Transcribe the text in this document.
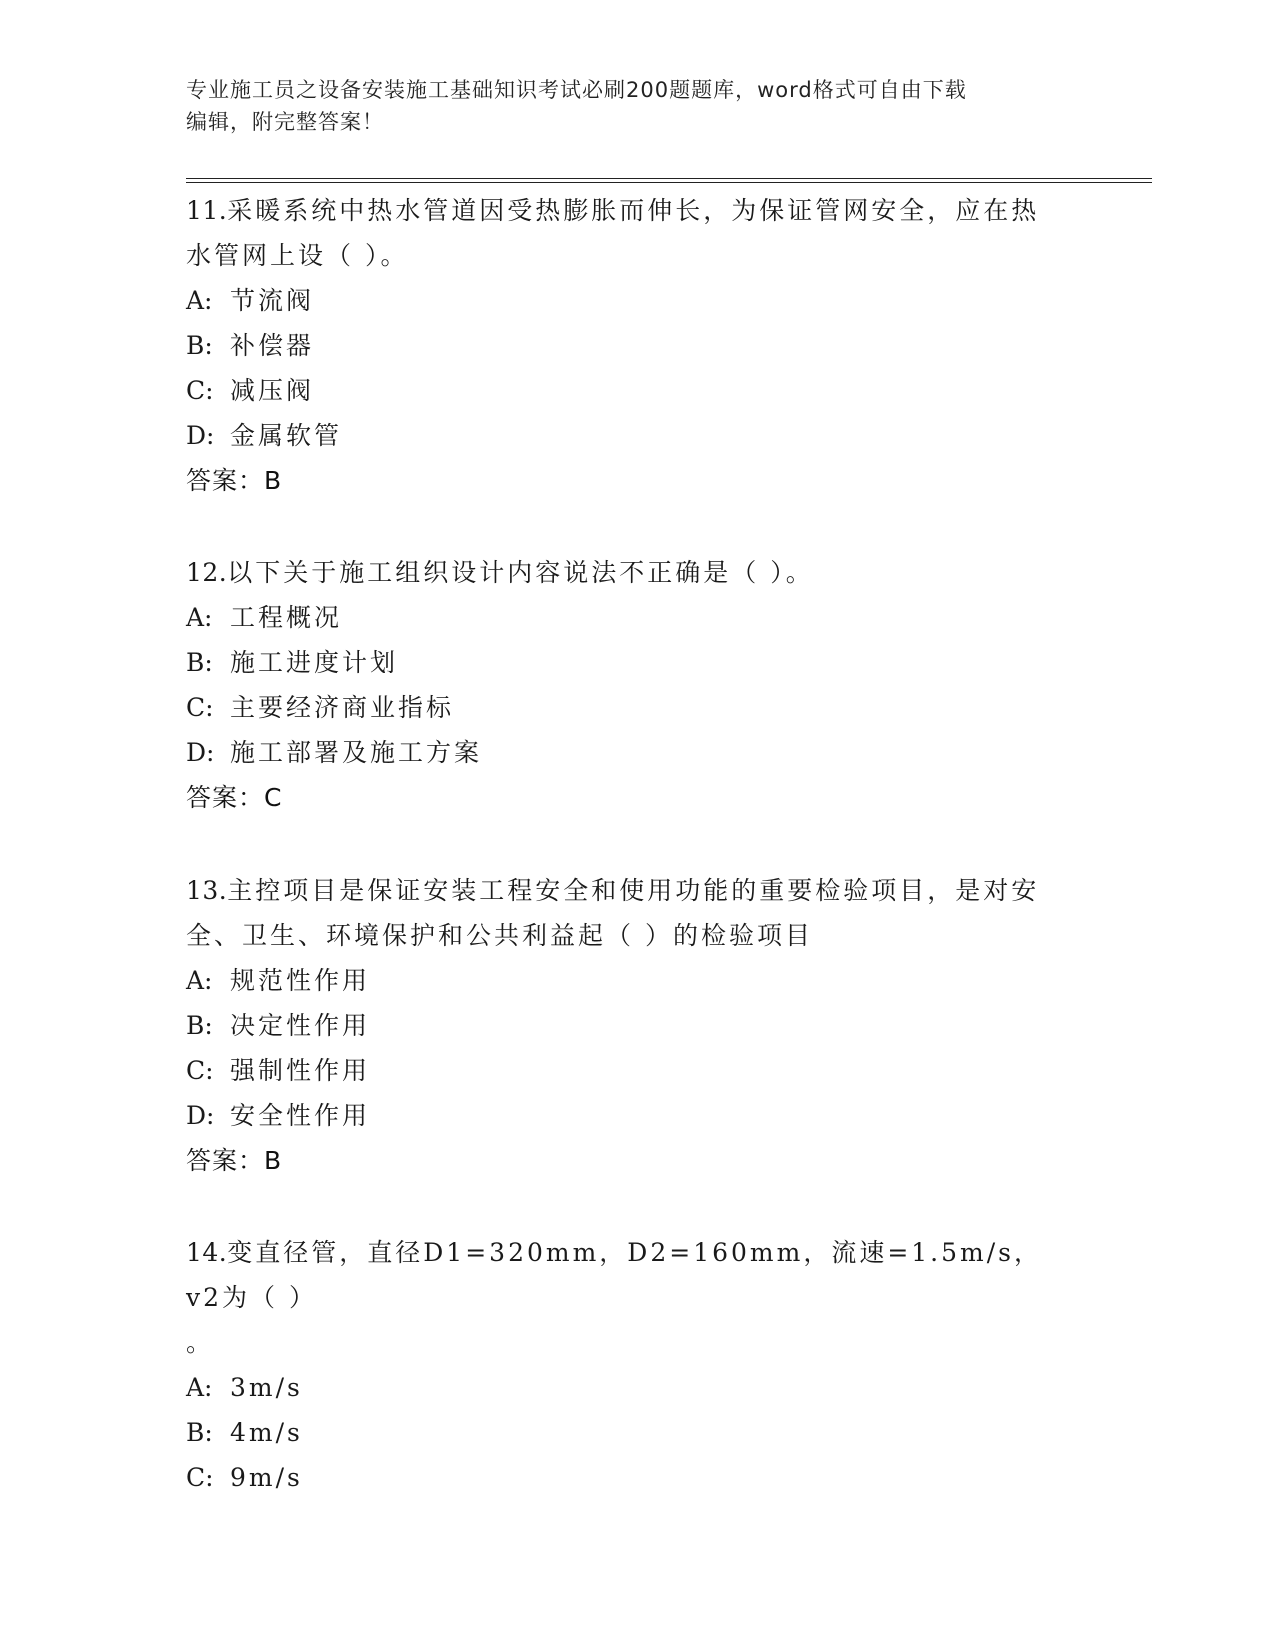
专业施工员之设备安装施工基础知识考试必刷200题题库，word格式可自由下载
编辑，附完整答案！
11.采暖系统中热水管道因受热膨胀而伸长，为保证管网安全，应在热
水管网上设（ ）。
A: 节流阀
B: 补偿器
C: 减压阀
D: 金属软管
答案：B
12.以下关于施工组织设计内容说法不正确是（ ）。
A: 工程概况
B: 施工进度计划
C: 主要经济商业指标
D: 施工部署及施工方案
答案：C
13.主控项目是保证安装工程安全和使用功能的重要检验项目，是对安
全、卫生、环境保护和公共利益起（ ）的检验项目
A: 规范性作用
B: 决定性作用
C: 强制性作用
D: 安全性作用
答案：B
14.变直径管，直径D1=320mm，D2=160mm，流速=1.5m/s，v2为（ ）
。
A: 3m/s
B: 4m/s
C: 9m/s
